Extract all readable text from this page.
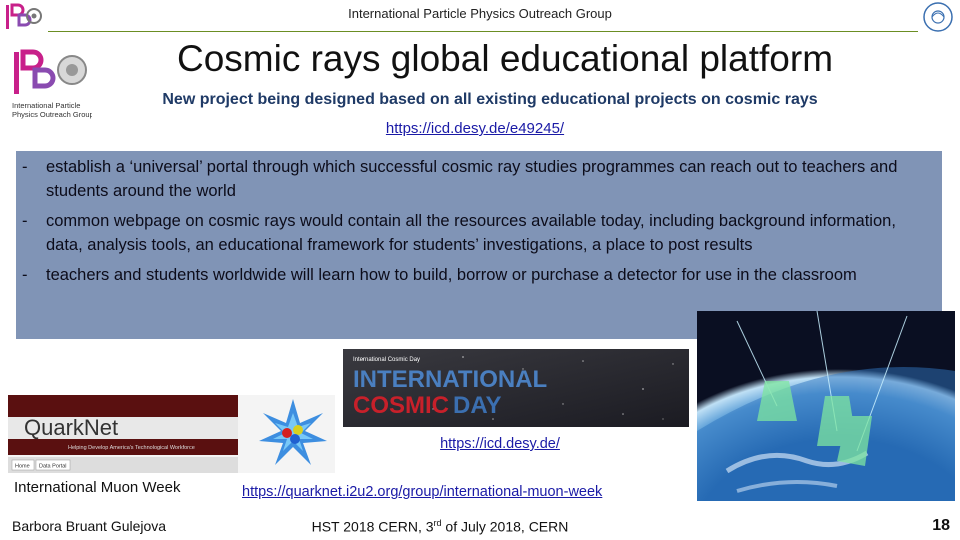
International Particle Physics Outreach Group
International Particle
Physics Outreach Group
Cosmic rays global educational platform
New project being designed based on all existing educational projects on cosmic rays
https://icd.desy.de/e49245/
- establish a ‘universal’ portal through which successful cosmic ray studies programmes can reach out to teachers and students around the world
- common webpage on cosmic rays would contain all the resources available today, including background information, data, analysis tools, an educational framework for students’ investigations, a place to post results
- teachers and students worldwide will learn how to build, borrow or purchase a detector for use in the classroom
International Cosmic Day
INTERNATIONAL
COSMIC DAY
https://icd.desy.de/
QuarkNet
Helping Develop America's Technological Workforce
Home Data Portal
International Muon Week	https://quarknet.i2u2.org/group/international-muon-week
Barbora Bruant Gulejova	HST 2018 CERN, 3rd of July 2018, CERN	18
